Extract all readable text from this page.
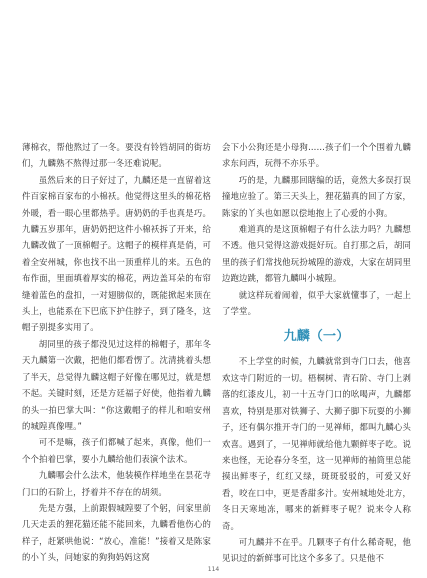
薄棉衣，帮他熬过了一冬。要没有铃铛胡同的街坊们，九麟熟不熬得过那一冬还难说呢。

虽然后来的日子好过了，九麟还是一直留着这件百家棉百家布的小棉袄。他觉得这里头的棉花格外暖，看一眼心里都热乎。唐奶奶的手也真是巧。九麟五岁那年，唐奶奶把这件小棉袄拆了开来，给九麟改做了一顶棉帽子。这帽子的模样真是俏，可着全安州城，你也找不出一顶重样儿的来。五色的布作面，里面填着厚实的棉花，两边盖耳朵的布帘缝着蓝色的盘扣，一对翅膀似的，既能掀起来顶在头上，也能系在下巴底下护住脖子，到了隆冬，这帽子别提多实用了。

胡同里的孩子都没见过这样的棉帽子，那年冬天九麟第一次戴，把他们都看愣了。沈清挑着头想了半天，总觉得九麟这帽子好像在哪见过，就是想不起。关键时刻，还是方廷福子好使，他指着九麟的头一拍巴掌大叫：“你这戴帽子的样儿和咱安州的城隍真像哩。”

可不是嘛，孩子们都喊了起来，真像，他们一个个拍着巴掌，要小九麟给他们表演个法术。

九麟哪会什么法术，他装模作样地坐在昙花寺门口的石阶上，抒着并不存在的胡须。

先是方强，上前跟假城隍要了个躬，问家里前几天走丢的狸花猫还能不能回来，九麟看他伤心的样子，赶紧哄他说：“放心，准能！”接着又是陈家的小丫头，问她家的狗狗妈妈这窝

会下小公狗还是小母狗……孩子们一个个围着九麟求东问西，玩得不亦乐乎。

巧的是，九麟那回瞎编的话，竟然大多误打误撞地应验了。第三天头上，狸花猫真的回了方家，陈家的丫头也如愿以偿地抱上了心爱的小狗。

难道真的是这顶棉帽子有什么法力吗？九麟想不透。他只觉得这游戏挺好玩。自打那之后，胡同里的孩子们常找他玩扮城隍的游戏，大家在胡同里边跑边跳，都管九麟叫小城隍。

就这样玩着闹着，似乎大家就懂事了，一起上了学堂。

九麟（一）

不上学堂的时候，九麟就常到寺门口去，他喜欢这寺门附近的一切。梧桐树、青石阶、寺门上剥落的红漆皮儿，初一十五寺门口的吆喝声，九麟都喜欢，特别是那对铁狮子、大狮子脚下玩耍的小狮子，还有偶尔推开寺门的一见禅师，都叫九麟心头欢喜。遇到了，一见禅师就给他九颗鲜枣子吃。说来也怪，无论春分冬至，这一见禅师的袖筒里总能摸出鲜枣子，红红又绿，斑斑驳驳的，可爱又好看，咬在口中，更是香甜多汁。安州城地处北方，冬日天寒地冻，哪来的新鲜枣子呢？说来令人称奇。

可九麟并不在乎。几颗枣子有什么稀奇呢，他见识过的新鲜事可比这个多多了。只是他不

114
